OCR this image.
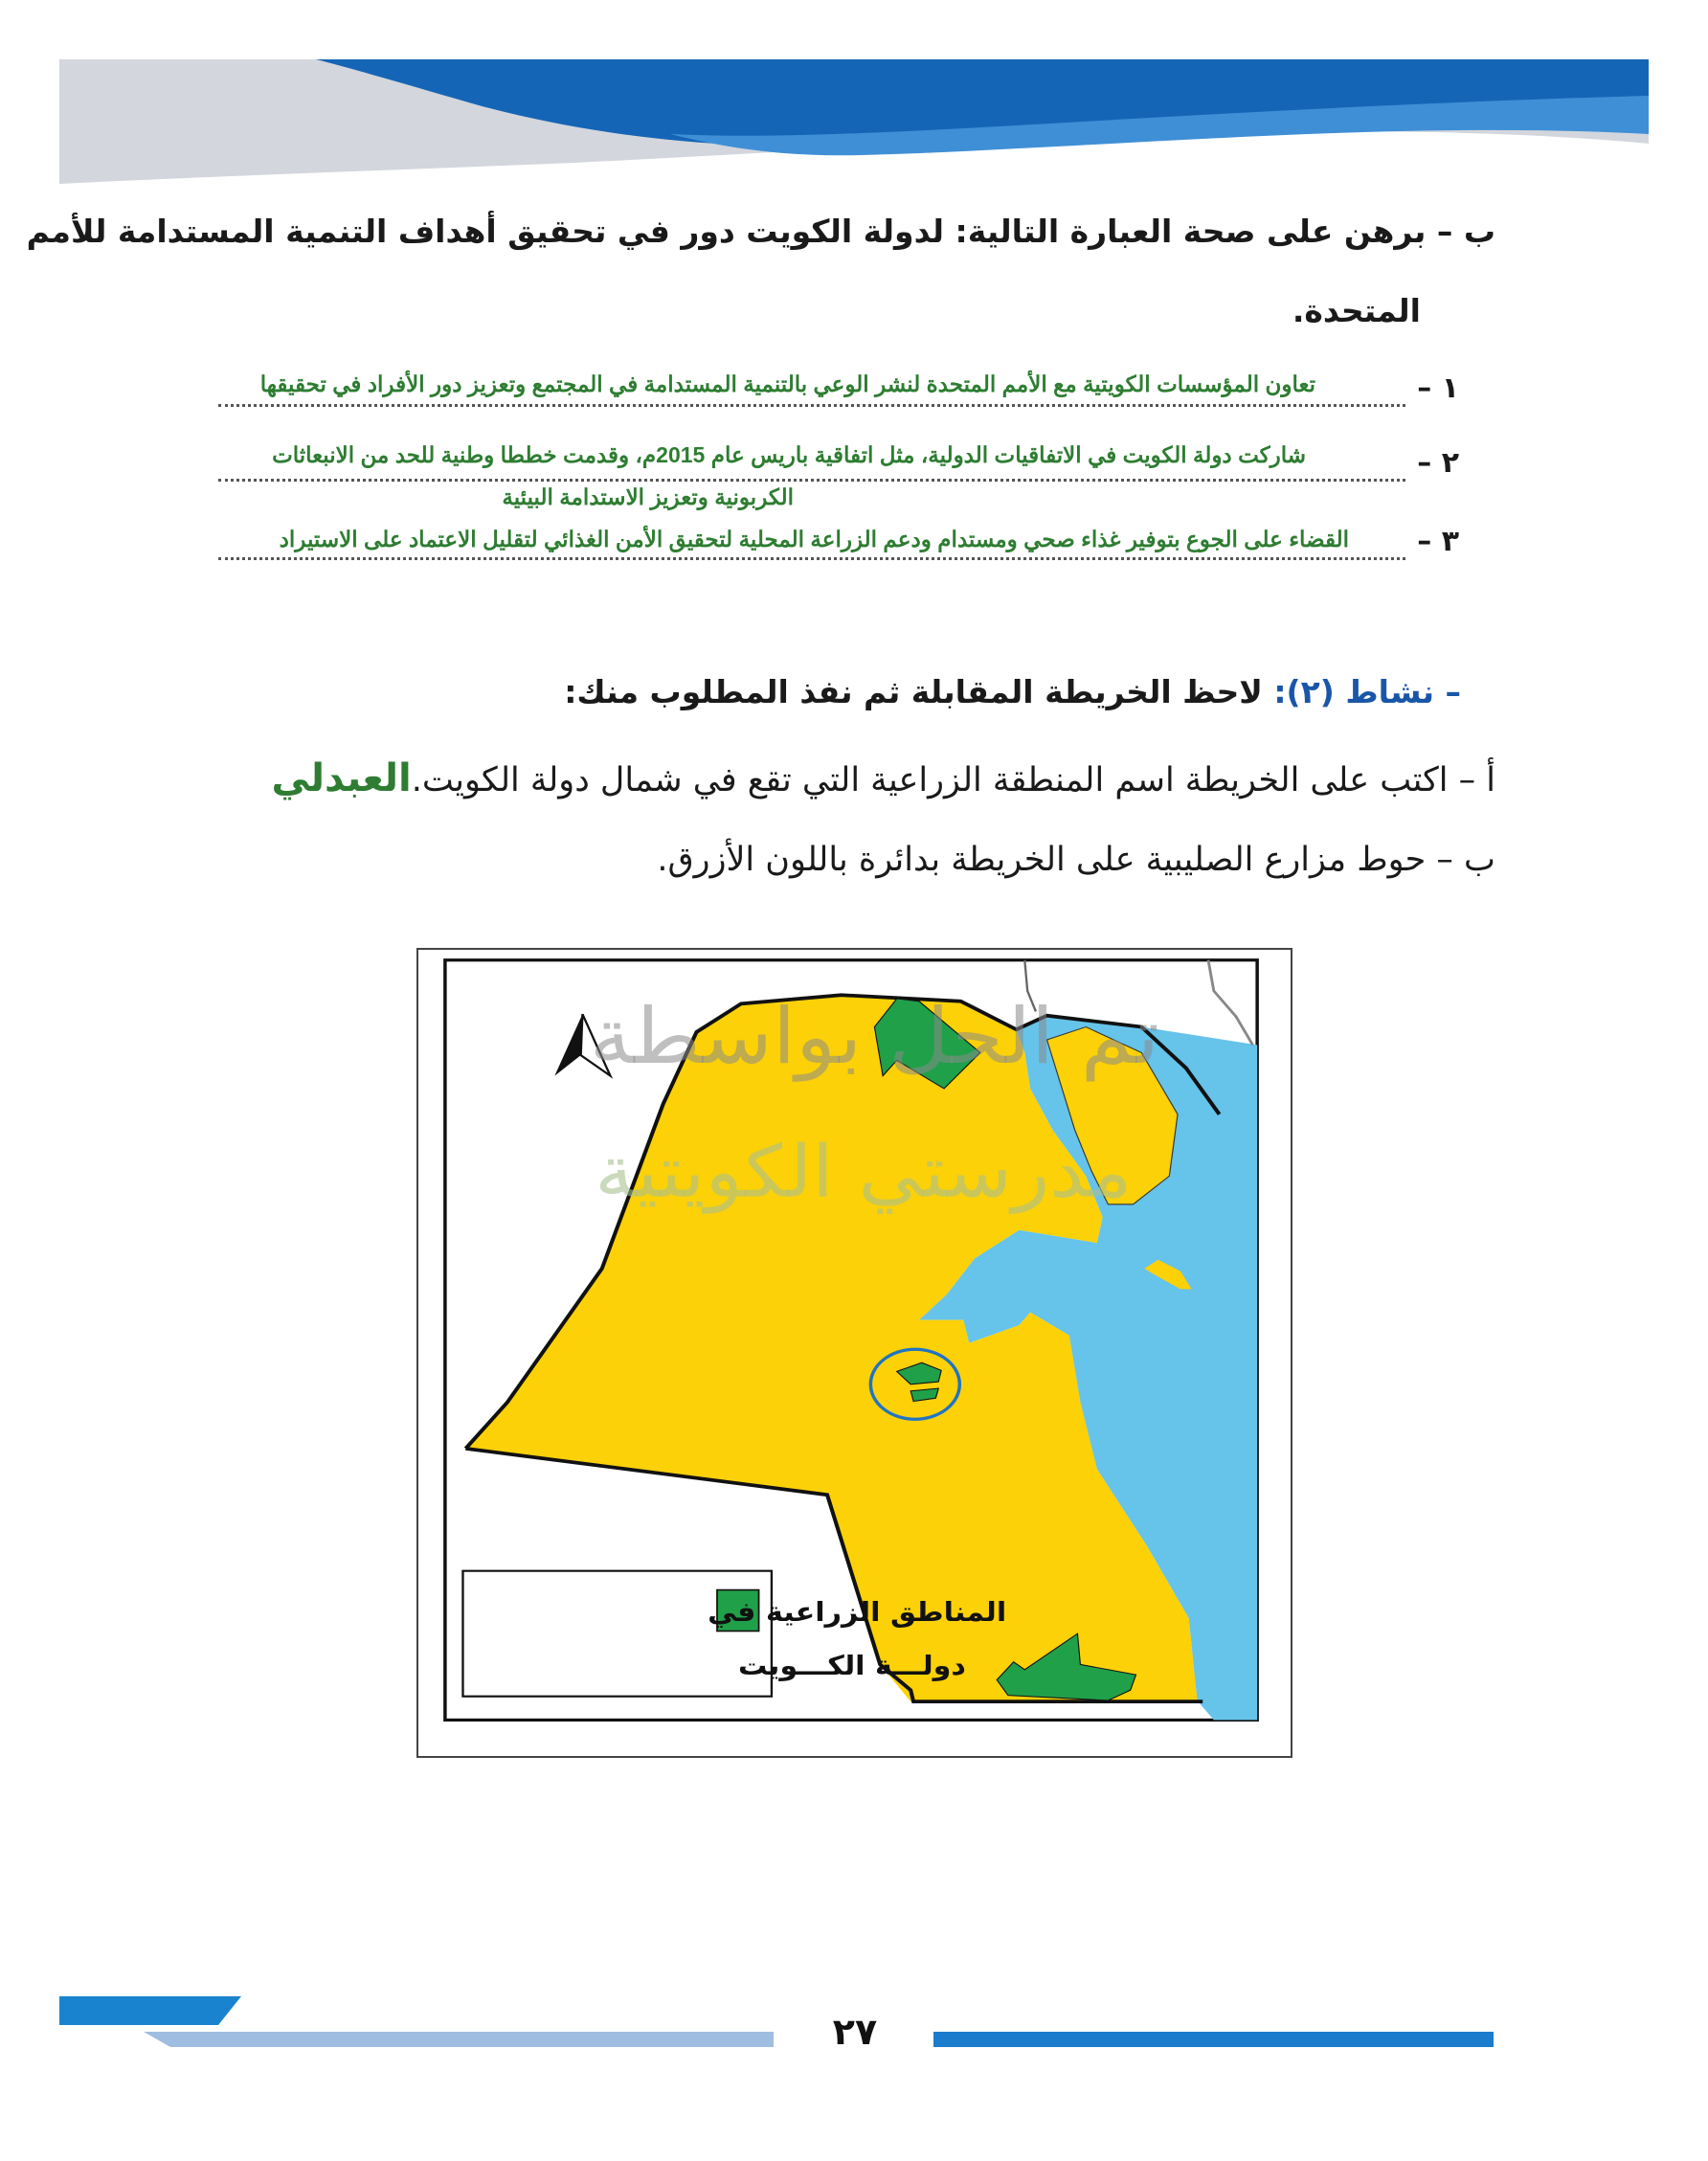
ب – برهن على صحة العبارة التالية: لدولة الكويت دور في تحقيق أهداف التنمية المستدامة للأمم
المتحدة.
١ –
تعاون المؤسسات الكويتية مع الأمم المتحدة لنشر الوعي بالتنمية المستدامة في المجتمع وتعزيز دور الأفراد في تحقيقها
٢ –
شاركت دولة الكويت في الاتفاقيات الدولية، مثل اتفاقية باريس عام 2015م، وقدمت خططا وطنية للحد من الانبعاثات
الكربونية وتعزيز الاستدامة البيئية
٣ –
القضاء على الجوع بتوفير غذاء صحي ومستدام ودعم الزراعة المحلية لتحقيق الأمن الغذائي لتقليل الاعتماد على الاستيراد
– نشاط (٢): لاحظ الخريطة المقابلة ثم نفذ المطلوب منك:
أ – اكتب على الخريطة اسم المنطقة الزراعية التي تقع في شمال دولة الكويت.العبدلي
ب – حوط مزارع الصليبية على الخريطة بدائرة باللون الأزرق.
تم الحل بواسطة
مدرستي الكويتية
المناطق الزراعية في
دولـــة الكـــويت
٢٧
